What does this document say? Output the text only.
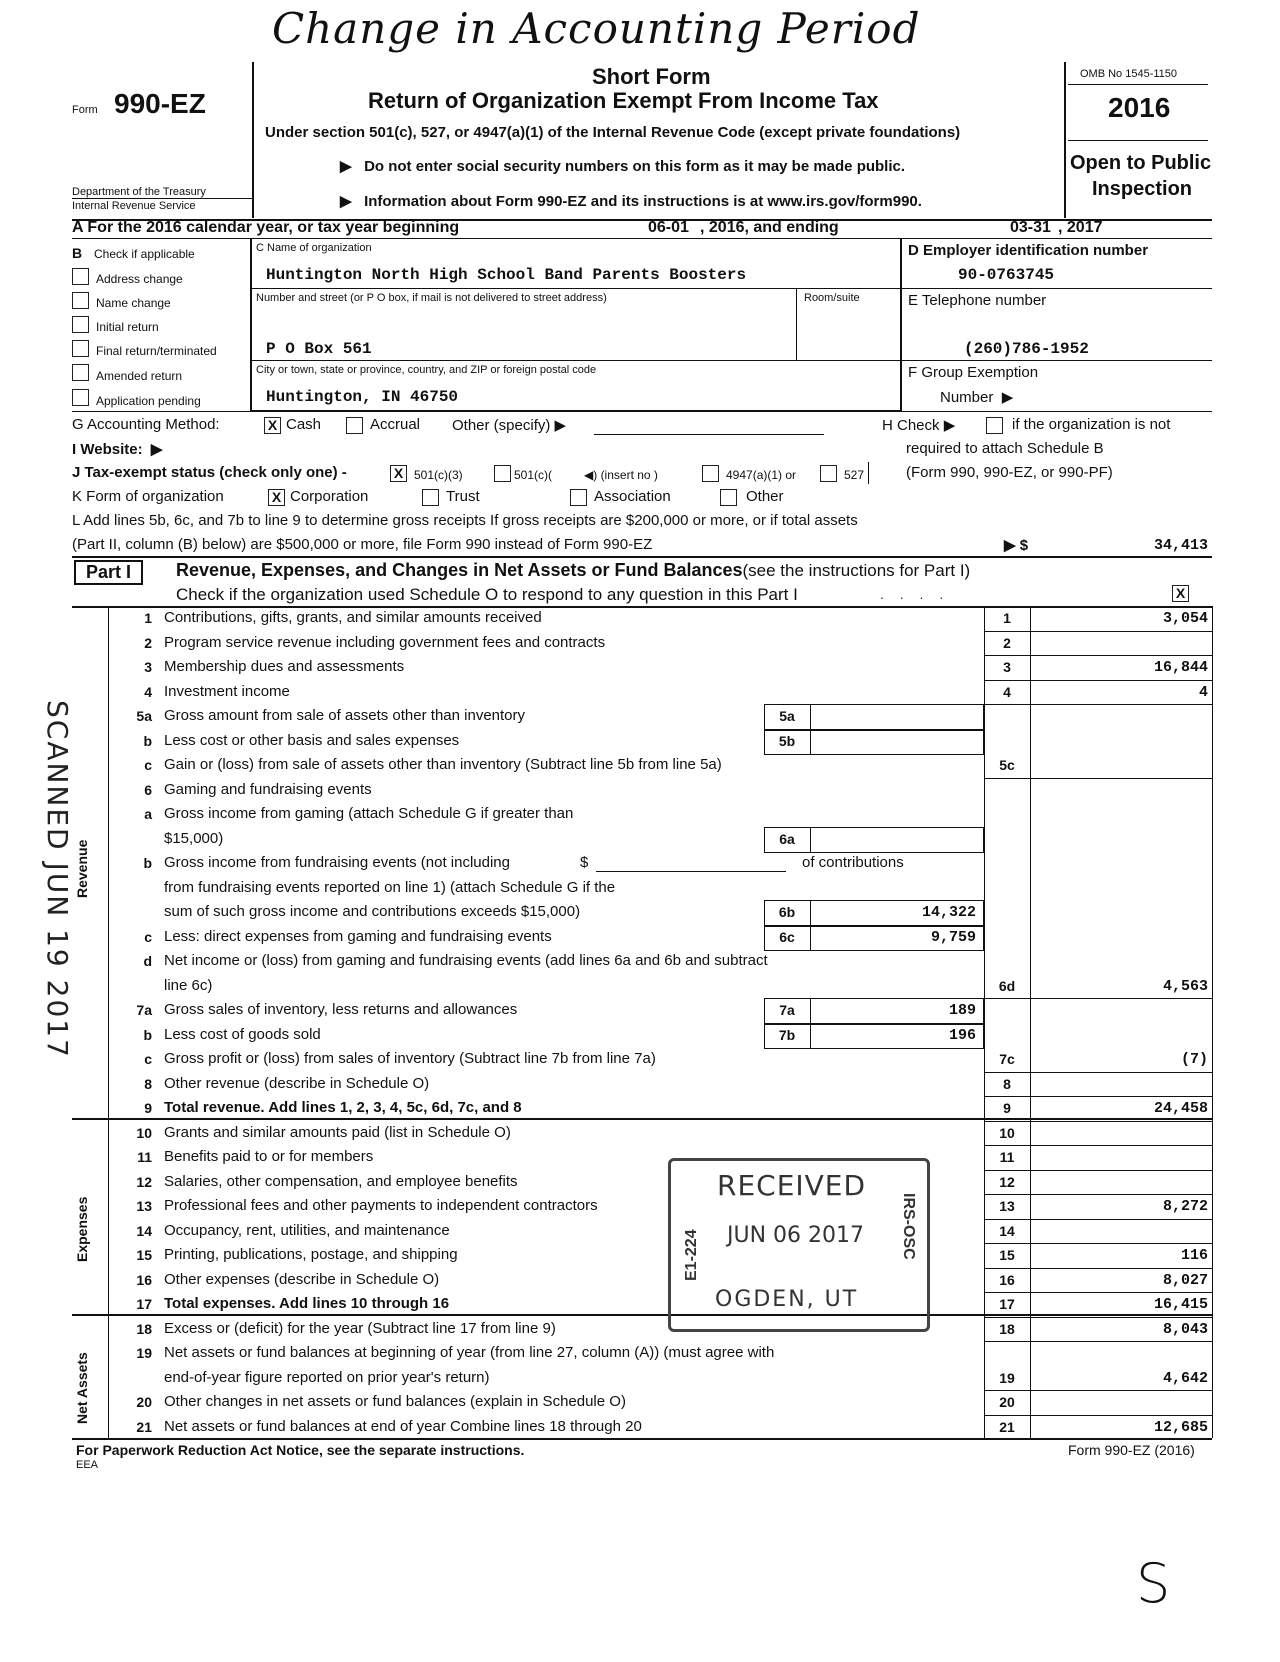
Change in Accounting Period
Form 990-EZ
Department of the Treasury
Internal Revenue Service
Short Form
Return of Organization Exempt From Income Tax
Under section 501(c), 527, or 4947(a)(1) of the Internal Revenue Code (except private foundations)
▶ Do not enter social security numbers on this form as it may be made public.
▶ Information about Form 990-EZ and its instructions is at www.irs.gov/form990.
OMB No 1545-1150
2016
Open to Public
Inspection
A For the 2016 calendar year, or tax year beginning	06-01 , 2016, and ending	03-31 , 2017
B Check if applicable
Address change
Name change
Initial return
Final return/terminated
Amended return
Application pending
C Name of organization
Huntington North High School Band Parents Boosters
Number and street (or P O box, if mail is not delivered to street address)	Room/suite
P O Box 561
City or town, state or province, country, and ZIP or foreign postal code
Huntington, IN 46750
D Employer identification number
90-0763745
E Telephone number
(260)786-1952
F Group Exemption
Number ▶
G Accounting Method:	X Cash	Accrual Other (specify) ▶	H Check ▶	if the organization is not
required to attach Schedule B
(Form 990, 990-EZ, or 990-PF)
I Website: ▶
J Tax-exempt status (check only one) -	X 501(c)(3)	501(c)(	◀) (insert no )	4947(a)(1) or	527
K Form of organization	X Corporation	Trust	Association	Other
L Add lines 5b, 6c, and 7b to line 9 to determine gross receipts If gross receipts are $200,000 or more, or if total assets
(Part II, column (B) below) are $500,000 or more, file Form 990 instead of Form 990-EZ	▶ $	34,413
Part I	Revenue, Expenses, and Changes in Net Assets or Fund Balances(see the instructions for Part I)
Check if the organization used Schedule O to respond to any question in this Part I	. . . .	X
Revenue
Expenses
Net Assets
SCANNED JUN 19 2017
1 Contributions, gifts, grants, and similar amounts received	1	3,054
2 Program service revenue including government fees and contracts	2
3 Membership dues and assessments	3	16,844
4 Investment income	4	4
5a Gross amount from sale of assets other than inventory	5a
b Less cost or other basis and sales expenses	5b
c Gain or (loss) from sale of assets other than inventory (Subtract line 5b from line 5a)	5c
6 Gaming and fundraising events
a Gross income from gaming (attach Schedule G if greater than
$15,000)	6a
b Gross income from fundraising events (not including	$	of contributions
from fundraising events reported on line 1) (attach Schedule G if the
sum of such gross income and contributions exceeds $15,000)	6b	14,322
c Less: direct expenses from gaming and fundraising events	6c	9,759
d Net income or (loss) from gaming and fundraising events (add lines 6a and 6b and subtract
line 6c)	6d	4,563
7a Gross sales of inventory, less returns and allowances	7a	189
b Less cost of goods sold	7b	196
c Gross profit or (loss) from sales of inventory (Subtract line 7b from line 7a)	7c	(7)
8 Other revenue (describe in Schedule O)	8
9 Total revenue. Add lines 1, 2, 3, 4, 5c, 6d, 7c, and 8	9	24,458
10 Grants and similar amounts paid (list in Schedule O)	10
11 Benefits paid to or for members	11
12 Salaries, other compensation, and employee benefits	12
13 Professional fees and other payments to independent contractors	13	8,272
14 Occupancy, rent, utilities, and maintenance	14
15 Printing, publications, postage, and shipping	15	116
16 Other expenses (describe in Schedule O)	16	8,027
17 Total expenses. Add lines 10 through 16	17	16,415
18 Excess or (deficit) for the year (Subtract line 17 from line 9)	18	8,043
19 Net assets or fund balances at beginning of year (from line 27, column (A)) (must agree with
end-of-year figure reported on prior year's return)	19	4,642
20 Other changes in net assets or fund balances (explain in Schedule O)	20
21 Net assets or fund balances at end of year Combine lines 18 through 20	21	12,685
RECEIVED
JUN 06 2017
OGDEN, UT
E1-224	IRS-OSC
For Paperwork Reduction Act Notice, see the separate instructions.
EEA
Form 990-EZ (2016)
S
